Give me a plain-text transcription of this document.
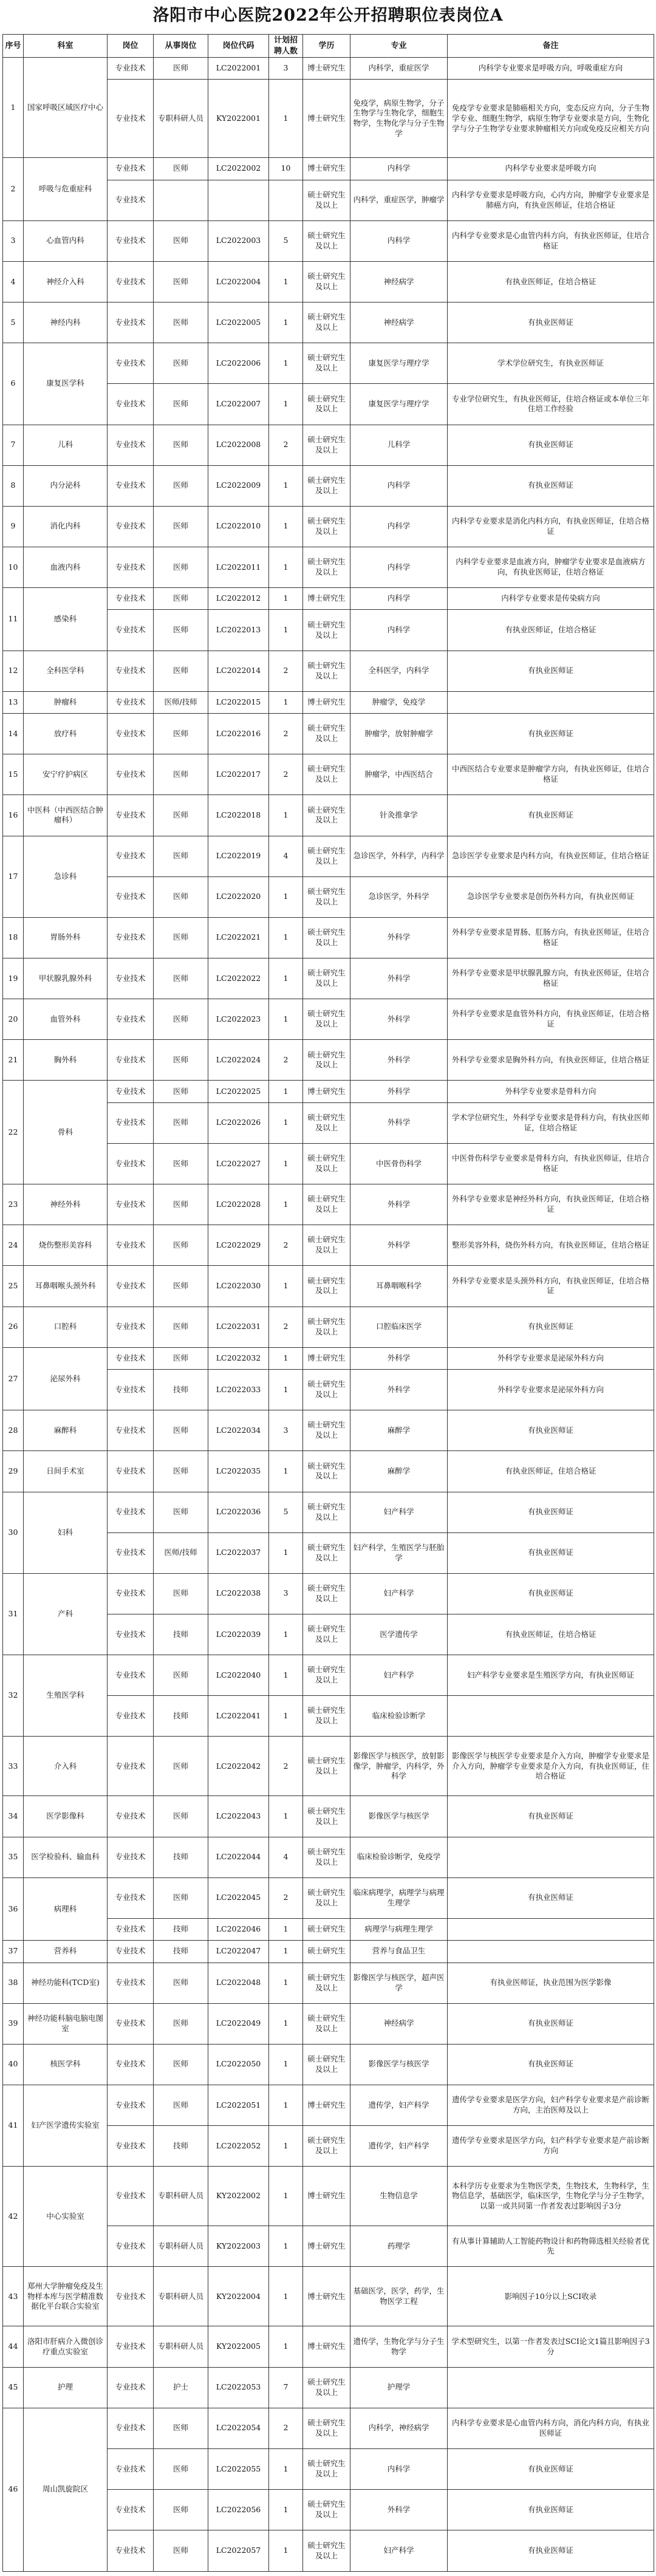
洛阳市中心医院2022年公开招聘职位表岗位A
序号	科室	岗位	从事岗位	岗位代码	计划招聘人数	学历	专业	备注
1	国家呼吸区域医疗中心	专业技术	医师	LC2022001	3	博士研究生	内科学，重症医学	内科学专业要求是呼吸方向，呼吸重症方向
		专业技术	专职科研人员	KY2022001	1	博士研究生	免疫学，病原生物学，分子生物学与生物化学，细胞生物学，生物化学与分子生物学	免疫学专业要求是肺癌相关方向，变态反应方向，分子生物学专业、细胞生物学，病原生物学专业要求是方向，生物化学与分子生物学专业要求肿瘤相关方向或免疫反应相关方向
2	呼吸与危重症科	专业技术	医师	LC2022002	10	博士研究生	内科学	内科学专业要求是呼吸方向
		专业技术				硕士研究生及以上	内科学，重症医学，肿瘤学	内科学专业要求是呼吸方向，心内方向，肿瘤学专业要求是肺癌方向，有执业医师证，住培合格证
3	心血管内科	专业技术	医师	LC2022003	5	硕士研究生及以上	内科学	内科学专业要求是心血管内科方向，有执业医师证，住培合格证
4	神经介入科	专业技术	医师	LC2022004	1	硕士研究生及以上	神经病学	有执业医师证，住培合格证
5	神经内科	专业技术	医师	LC2022005	1	硕士研究生及以上	神经病学	有执业医师证
6	康复医学科	专业技术	医师	LC2022006	1	硕士研究生及以上	康复医学与理疗学	学术学位研究生，有执业医师证
		专业技术	医师	LC2022007	1	硕士研究生及以上	康复医学与理疗学	专业学位研究生，有执业医师证，住培合格证或本单位三年住培工作经验
7	儿科	专业技术	医师	LC2022008	2	硕士研究生及以上	儿科学	有执业医师证
8	内分泌科	专业技术	医师	LC2022009	1	硕士研究生及以上	内科学	有执业医师证
9	消化内科	专业技术	医师	LC2022010	1	硕士研究生及以上	内科学	内科学专业要求是消化内科方向，有执业医师证，住培合格证
10	血液内科	专业技术	医师	LC2022011	1	硕士研究生及以上	内科学	内科学专业要求是血液方向，肿瘤学专业要求是血液病方向，有执业医师证，住培合格证
11	感染科	专业技术	医师	LC2022012	1	博士研究生	内科学	内科学专业要求是传染病方向
		专业技术	医师	LC2022013	1	硕士研究生及以上	内科学	有执业医师证，住培合格证
12	全科医学科	专业技术	医师	LC2022014	2	硕士研究生及以上	全科医学，内科学	有执业医师证
13	肿瘤科	专业技术	医师/技师	LC2022015	1	博士研究生	肿瘤学，免疫学	
14	放疗科	专业技术	医师	LC2022016	2	硕士研究生及以上	肿瘤学，放射肿瘤学	有执业医师证
15	安宁疗护病区	专业技术	医师	LC2022017	2	硕士研究生及以上	肿瘤学，中西医结合	中西医结合专业要求是肿瘤学方向，有执业医师证，住培合格证
16	中医科（中西医结合肿瘤科）	专业技术	医师	LC2022018	1	硕士研究生及以上	针灸推拿学	有执业医师证
17	急诊科	专业技术	医师	LC2022019	4	硕士研究生及以上	急诊医学，外科学，内科学	急诊医学专业要求是内科方向，有执业医师证，住培合格证
		专业技术	医师	LC2022020	1	硕士研究生及以上	急诊医学，外科学	急诊医学专业要求是创伤外科方向，有执业医师证
18	胃肠外科	专业技术	医师	LC2022021	1	硕士研究生及以上	外科学	外科学专业要求是胃肠、肛肠方向，有执业医师证，住培合格证
19	甲状腺乳腺外科	专业技术	医师	LC2022022	1	硕士研究生及以上	外科学	外科学专业要求是甲状腺乳腺方向，有执业医师证，住培合格证
20	血管外科	专业技术	医师	LC2022023	1	硕士研究生及以上	外科学	外科学专业要求是血管外科方向，有执业医师证，住培合格证
21	胸外科	专业技术	医师	LC2022024	2	硕士研究生及以上	外科学	外科学专业要求是胸外科方向，有执业医师证，住培合格证
22	骨科	专业技术	医师	LC2022025	1	博士研究生	外科学	外科学专业要求是骨科方向
		专业技术	医师	LC2022026	1	硕士研究生及以上	外科学	学术学位研究生，外科学专业要求是骨科方向，有执业医师证，住培合格证
		专业技术	医师	LC2022027	1	硕士研究生及以上	中医骨伤科学	中医骨伤科学专业要求是骨科方向，有执业医师证，住培合格证
23	神经外科	专业技术	医师	LC2022028	1	硕士研究生及以上	外科学	外科学专业要求是神经外科方向，有执业医师证，住培合格证
24	烧伤整形美容科	专业技术	医师	LC2022029	2	硕士研究生及以上	外科学	整形美容外科，烧伤外科方向，有执业医师证，住培合格证
25	耳鼻咽喉头颈外科	专业技术	医师	LC2022030	1	硕士研究生及以上	耳鼻咽喉科学	外科学专业要求是头颈外科方向，有执业医师证，住培合格证
26	口腔科	专业技术	医师	LC2022031	2	硕士研究生及以上	口腔临床医学	有执业医师证
27	泌尿外科	专业技术	医师	LC2022032	1	博士研究生	外科学	外科学专业要求是泌尿外科方向
		专业技术	技师	LC2022033	1	硕士研究生及以上	外科学	外科学专业要求是泌尿外科方向
28	麻醉科	专业技术	医师	LC2022034	3	硕士研究生及以上	麻醉学	有执业医师证
29	日间手术室	专业技术	医师	LC2022035	1	硕士研究生及以上	麻醉学	有执业医师证，住培合格证
30	妇科	专业技术	医师	LC2022036	5	硕士研究生及以上	妇产科学	有执业医师证
		专业技术	医师/技师	LC2022037	1	硕士研究生及以上	妇产科学，生殖医学与胚胎学	有执业医师证
31	产科	专业技术	医师	LC2022038	3	硕士研究生及以上	妇产科学	有执业医师证
		专业技术	技师	LC2022039	1	硕士研究生及以上	医学遗传学	有执业医师证，住培合格证
32	生殖医学科	专业技术	医师	LC2022040	1	硕士研究生及以上	妇产科学	妇产科学专业要求是生殖医学方向，有执业医师证
		专业技术	技师	LC2022041	1	硕士研究生及以上	临床检验诊断学	
33	介入科	专业技术	医师	LC2022042	2	硕士研究生及以上	影像医学与核医学，放射影像学，肿瘤学，内科学，外科学	影像医学与核医学专业要求是介入方向，肿瘤学专业要求是介入方向，肿瘤学专业要求是介入方向，有执业医师证，住培合格证
34	医学影像科	专业技术	医师	LC2022043	1	硕士研究生及以上	影像医学与核医学	有执业医师证
35	医学检验科、输血科	专业技术	技师	LC2022044	4	硕士研究生及以上	临床检验诊断学，免疫学	
36	病理科	专业技术	医师	LC2022045	2	硕士研究生及以上	临床病理学，病理学与病理生理学	有执业医师证
		专业技术	技师	LC2022046	1	硕士研究生	病理学与病理生理学	
37	营养科	专业技术	技师	LC2022047	1	硕士研究生	营养与食品卫生	
38	神经功能科(TCD室)	专业技术	医师	LC2022048	1	硕士研究生及以上	影像医学与核医学，超声医学	有执业医师证，执业范围为医学影像
39	神经功能科脑电脑电图室	专业技术	医师	LC2022049	1	硕士研究生及以上	神经病学	有执业医师证
40	核医学科	专业技术	医师	LC2022050	1	硕士研究生及以上	影像医学与核医学	有执业医师证
41	妇产医学遗传实验室	专业技术	医师	LC2022051	1	博士研究生	遗传学，妇产科学	遗传学专业要求是医学方向，妇产科学专业要求是产前诊断方向，主治医师及以上
		专业技术	技师	LC2022052	1	硕士研究生及以上	遗传学，妇产科学	遗传学专业要求是医学方向，妇产科学专业要求是产前诊断方向
42	中心实验室	专业技术	专职科研人员	KY2022002	1	博士研究生	生物信息学	本科学历专业要求为生物医学类，生物技术，生物科学，生物信息学，基础医学，临床医学，生物化学与分子生物学，以第一或共同第一作者发表过影响因子3分
		专业技术	专职科研人员	KY2022003	1	博士研究生	药理学	有从事计算辅助人工智能药物设计和药物筛选相关经验者优先
43	郑州大学肿瘤免疫及生物样本库与医学精准数据化平台联合实验室	专业技术	专职科研人员	KY2022004	1	博士研究生	基础医学，医学，药学，生物医学工程	影响因子10分以上SCI收录
44	洛阳市肝病介入微创诊疗重点实验室	专业技术	专职科研人员	KY2022005	1	博士研究生	遗传学，生物化学与分子生物学	学术型研究生，以第一作者发表过SCI论文1篇且影响因子3分
45	护理	专业技术	护士	LC2022053	7	硕士研究生及以上	护理学	
46	周山凯旋院区	专业技术	医师	LC2022054	2	硕士研究生及以上	内科学，神经病学	内科学专业要求是心血管内科方向，消化内科方向，有执业医师证
		专业技术	医师	LC2022055	1	硕士研究生及以上	内科学	有执业医师证
		专业技术	医师	LC2022056	1	硕士研究生及以上	外科学	有执业医师证
		专业技术	医师	LC2022057	1	硕士研究生及以上	妇产科学	有执业医师证
